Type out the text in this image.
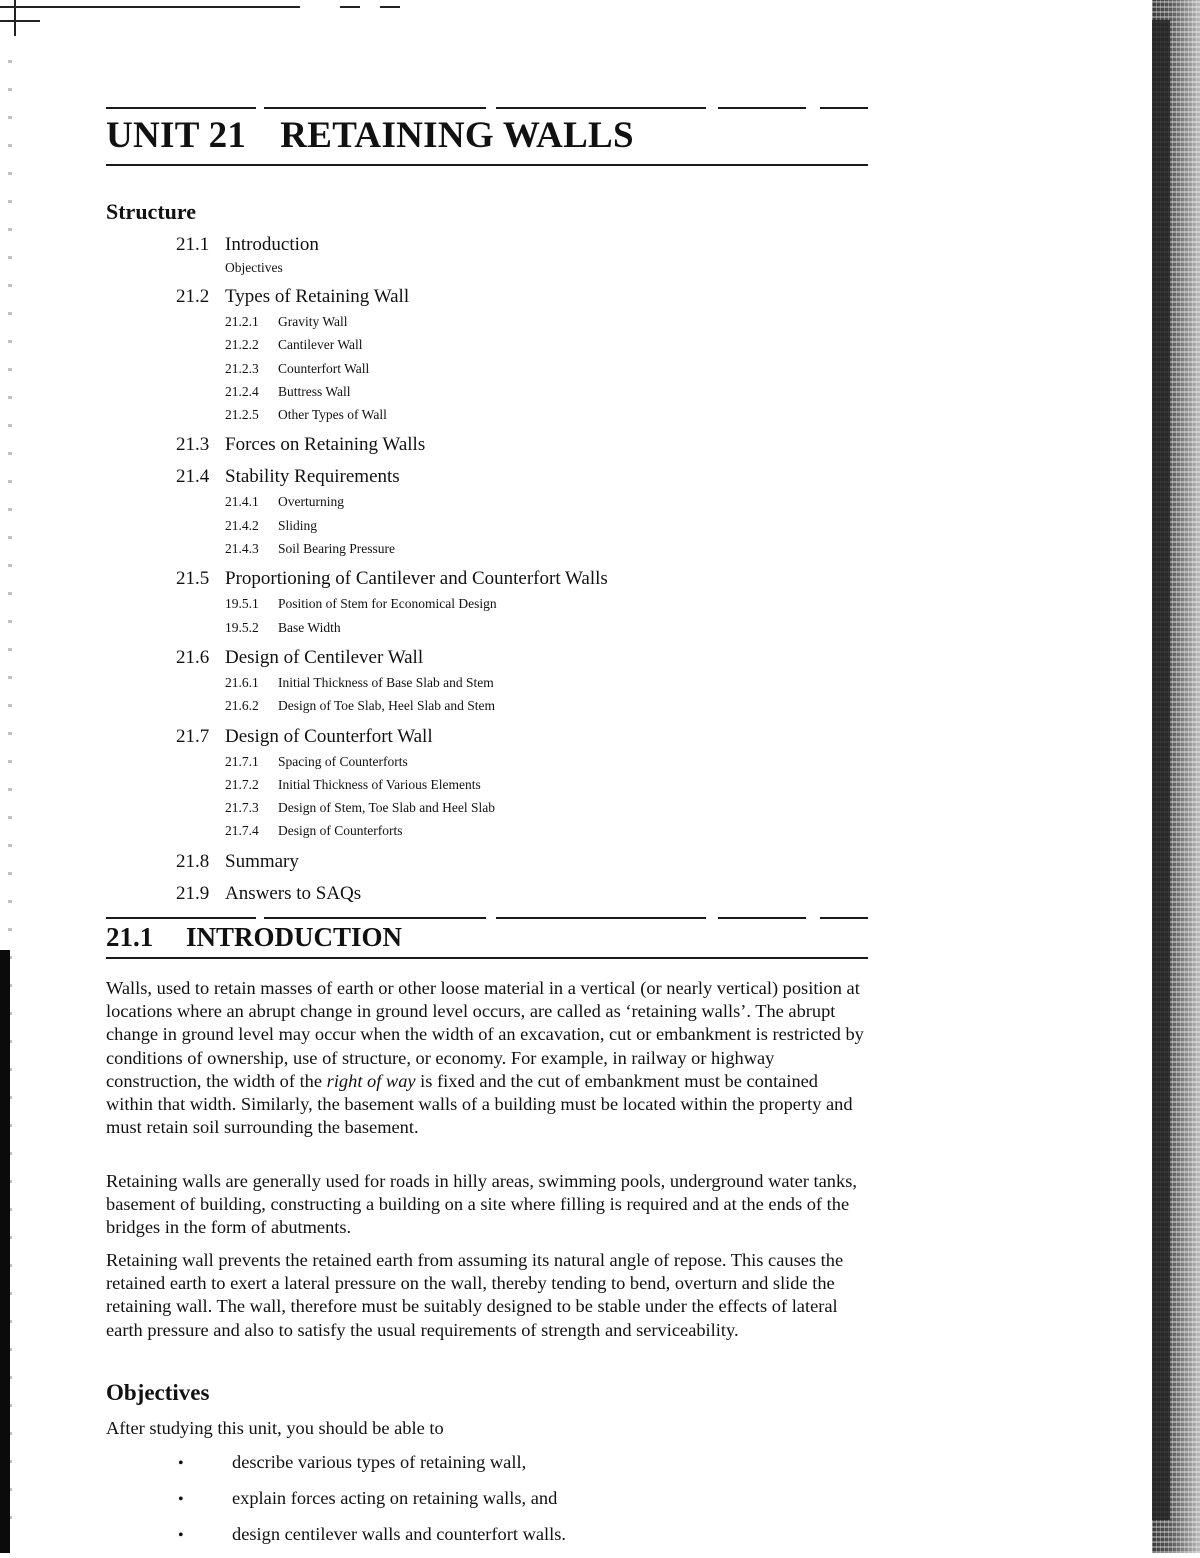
UNIT 21 RETAINING WALLS
Structure
21.1 Introduction
Objectives
21.2 Types of Retaining Wall
21.2.1 Gravity Wall
21.2.2 Cantilever Wall
21.2.3 Counterfort Wall
21.2.4 Buttress Wall
21.2.5 Other Types of Wall
21.3 Forces on Retaining Walls
21.4 Stability Requirements
21.4.1 Overturning
21.4.2 Sliding
21.4.3 Soil Bearing Pressure
21.5 Proportioning of Cantilever and Counterfort Walls
19.5.1 Position of Stem for Economical Design
19.5.2 Base Width
21.6 Design of Centilever Wall
21.6.1 Initial Thickness of Base Slab and Stem
21.6.2 Design of Toe Slab, Heel Slab and Stem
21.7 Design of Counterfort Wall
21.7.1 Spacing of Counterforts
21.7.2 Initial Thickness of Various Elements
21.7.3 Design of Stem, Toe Slab and Heel Slab
21.7.4 Design of Counterforts
21.8 Summary
21.9 Answers to SAQs
21.1 INTRODUCTION

Walls, used to retain masses of earth or other loose material in a vertical (or nearly vertical) position at locations where an abrupt change in ground level occurs, are called as ‘retaining walls’. The abrupt change in ground level may occur when the width of an excavation, cut or embankment is restricted by conditions of ownership, use of structure, or economy. For example, in railway or highway construction, the width of the right of way is fixed and the cut of embankment must be contained within that width. Similarly, the basement walls of a building must be located within the property and must retain soil surrounding the basement.

Retaining walls are generally used for roads in hilly areas, swimming pools, underground water tanks, basement of building, constructing a building on a site where filling is required and at the ends of the bridges in the form of abutments.

Retaining wall prevents the retained earth from assuming its natural angle of repose. This causes the retained earth to exert a lateral pressure on the wall, thereby tending to bend, overturn and slide the retaining wall. The wall, therefore must be suitably designed to be stable under the effects of lateral earth pressure and also to satisfy the usual requirements of strength and serviceability.

Objectives

After studying this unit, you should be able to

•	describe various types of retaining wall,
•	explain forces acting on retaining walls, and
•	design centilever walls and counterfort walls.
